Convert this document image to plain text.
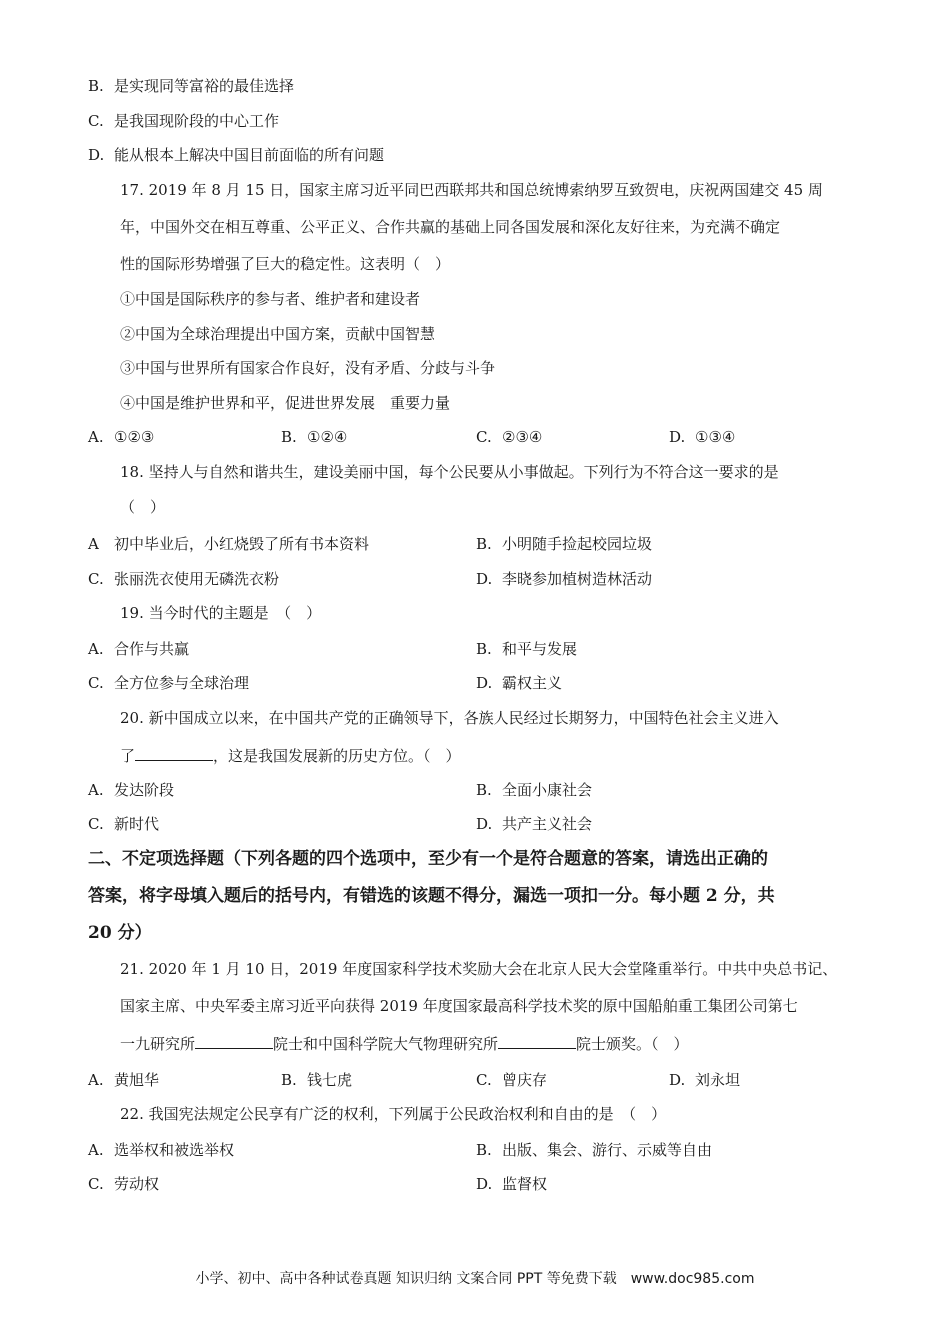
B. 是实现同等富裕的最佳选择
C. 是我国现阶段的中心工作
D. 能从根本上解决中国目前面临的所有问题
17. 2019 年 8 月 15 日，国家主席习近平同巴西联邦共和国总统博索纳罗互致贺电，庆祝两国建交 45 周
年，中国外交在相互尊重、公平正义、合作共赢的基础上同各国发展和深化友好往来，为充满不确定
性的国际形势增强了巨大的稳定性。这表明（　）
①中国是国际秩序的参与者、维护者和建设者
②中国为全球治理提出中国方案，贡献中国智慧
③中国与世界所有国家合作良好，没有矛盾、分歧与斗争
④中国是维护世界和平，促进世界发展　重要力量
A. ①②③	B. ①②④	C. ②③④	D. ①③④
18. 坚持人与自然和谐共生，建设美丽中国，每个公民要从小事做起。下列行为不符合这一要求的是
（　）
A 初中毕业后，小红烧毁了所有书本资料	B. 小明随手捡起校园垃圾
C. 张丽洗衣使用无磷洗衣粉	D. 李晓参加植树造林活动
19. 当今时代的主题是　（　）
A. 合作与共赢	B. 和平与发展
C. 全方位参与全球治理	D. 霸权主义
20. 新中国成立以来，在中国共产党的正确领导下，各族人民经过长期努力，中国特色社会主义进入
了	，这是我国发展新的历史方位。（　）
A. 发达阶段	B. 全面小康社会
C. 新时代	D. 共产主义社会
二、不定项选择题（下列各题的四个选项中，至少有一个是符合题意的答案，请选出正确的
答案，将字母填入题后的括号内，有错选的该题不得分，漏选一项扣一分。每小题 2 分，共
20 分）
21. 2020 年 1 月 10 日，2019 年度国家科学技术奖励大会在北京人民大会堂隆重举行。中共中央总书记、
国家主席、中央军委主席习近平向获得 2019 年度国家最高科学技术奖的原中国船舶重工集团公司第七
一九研究所	院士和中国科学院大气物理研究所	院士颁奖。（　）
A. 黄旭华	B. 钱七虎	C. 曾庆存	D. 刘永坦
22. 我国宪法规定公民享有广泛的权利，下列属于公民政治权利和自由的是　（　）
A. 选举权和被选举权	B. 出版、集会、游行、示威等自由
C. 劳动权	D. 监督权
小学、初中、高中各种试卷真题 知识归纳 文案合同 PPT 等免费下载　www.doc985.com
